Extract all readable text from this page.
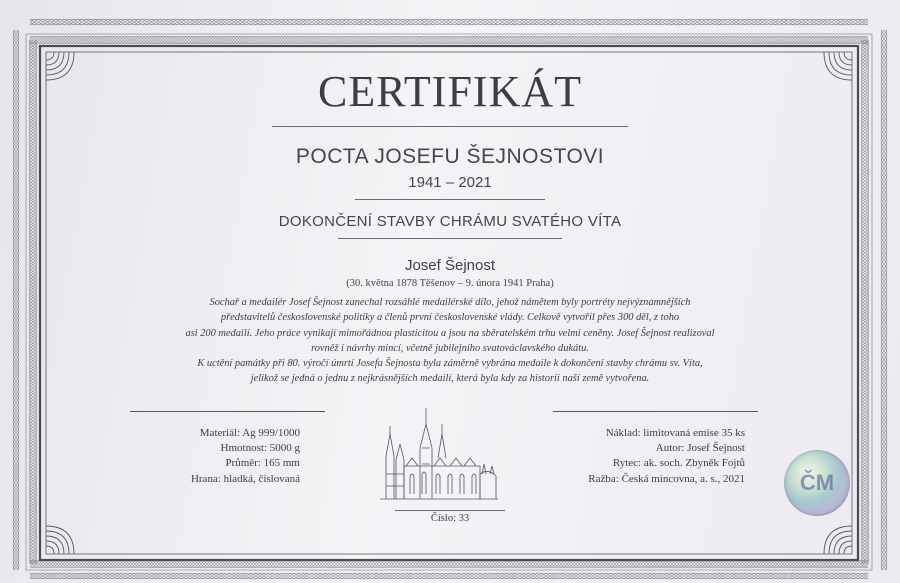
CERTIFIKÁT
POCTA JOSEFU ŠEJNOSTOVI
1941 – 2021
DOKONČENÍ STAVBY CHRÁMU SVATÉHO VÍTA
Josef Šejnost
(30. května 1878 Těšenov – 9. února 1941 Praha)
Sochař a medailér Josef Šejnost zanechal rozsáhlé medailérské dílo, jehož námětem byly portréty nejvýznamnějších
představitelů československé politiky a členů první československé vlády. Celkově vytvořil přes 300 děl, z toho
asi 200 medailí. Jeho práce vynikají mimořádnou plasticitou a jsou na sběratelském trhu velmi ceněny. Josef Šejnost realizoval
rovněž i návrhy mincí, včetně jubilejního svatováclavského dukátu.
K uctění památky při 80. výročí úmrtí Josefa Šejnosta byla záměrně vybrána medaile k dokončení stavby chrámu sv. Víta,
jelikož se jedná o jednu z nejkrásnějších medailí, která byla kdy za historii naší země vytvořena.
Materiál: Ag 999/1000
Hmotnost: 5000 g
Průměr: 165 mm
Hrana: hladká, číslovaná
Náklad: limitovaná emise 35 ks
Autor: Josef Šejnost
Rytec: ak. soch. Zbyněk Fojtů
Ražba: Česká mincovna, a. s., 2021
Číslo: 33
ČM
